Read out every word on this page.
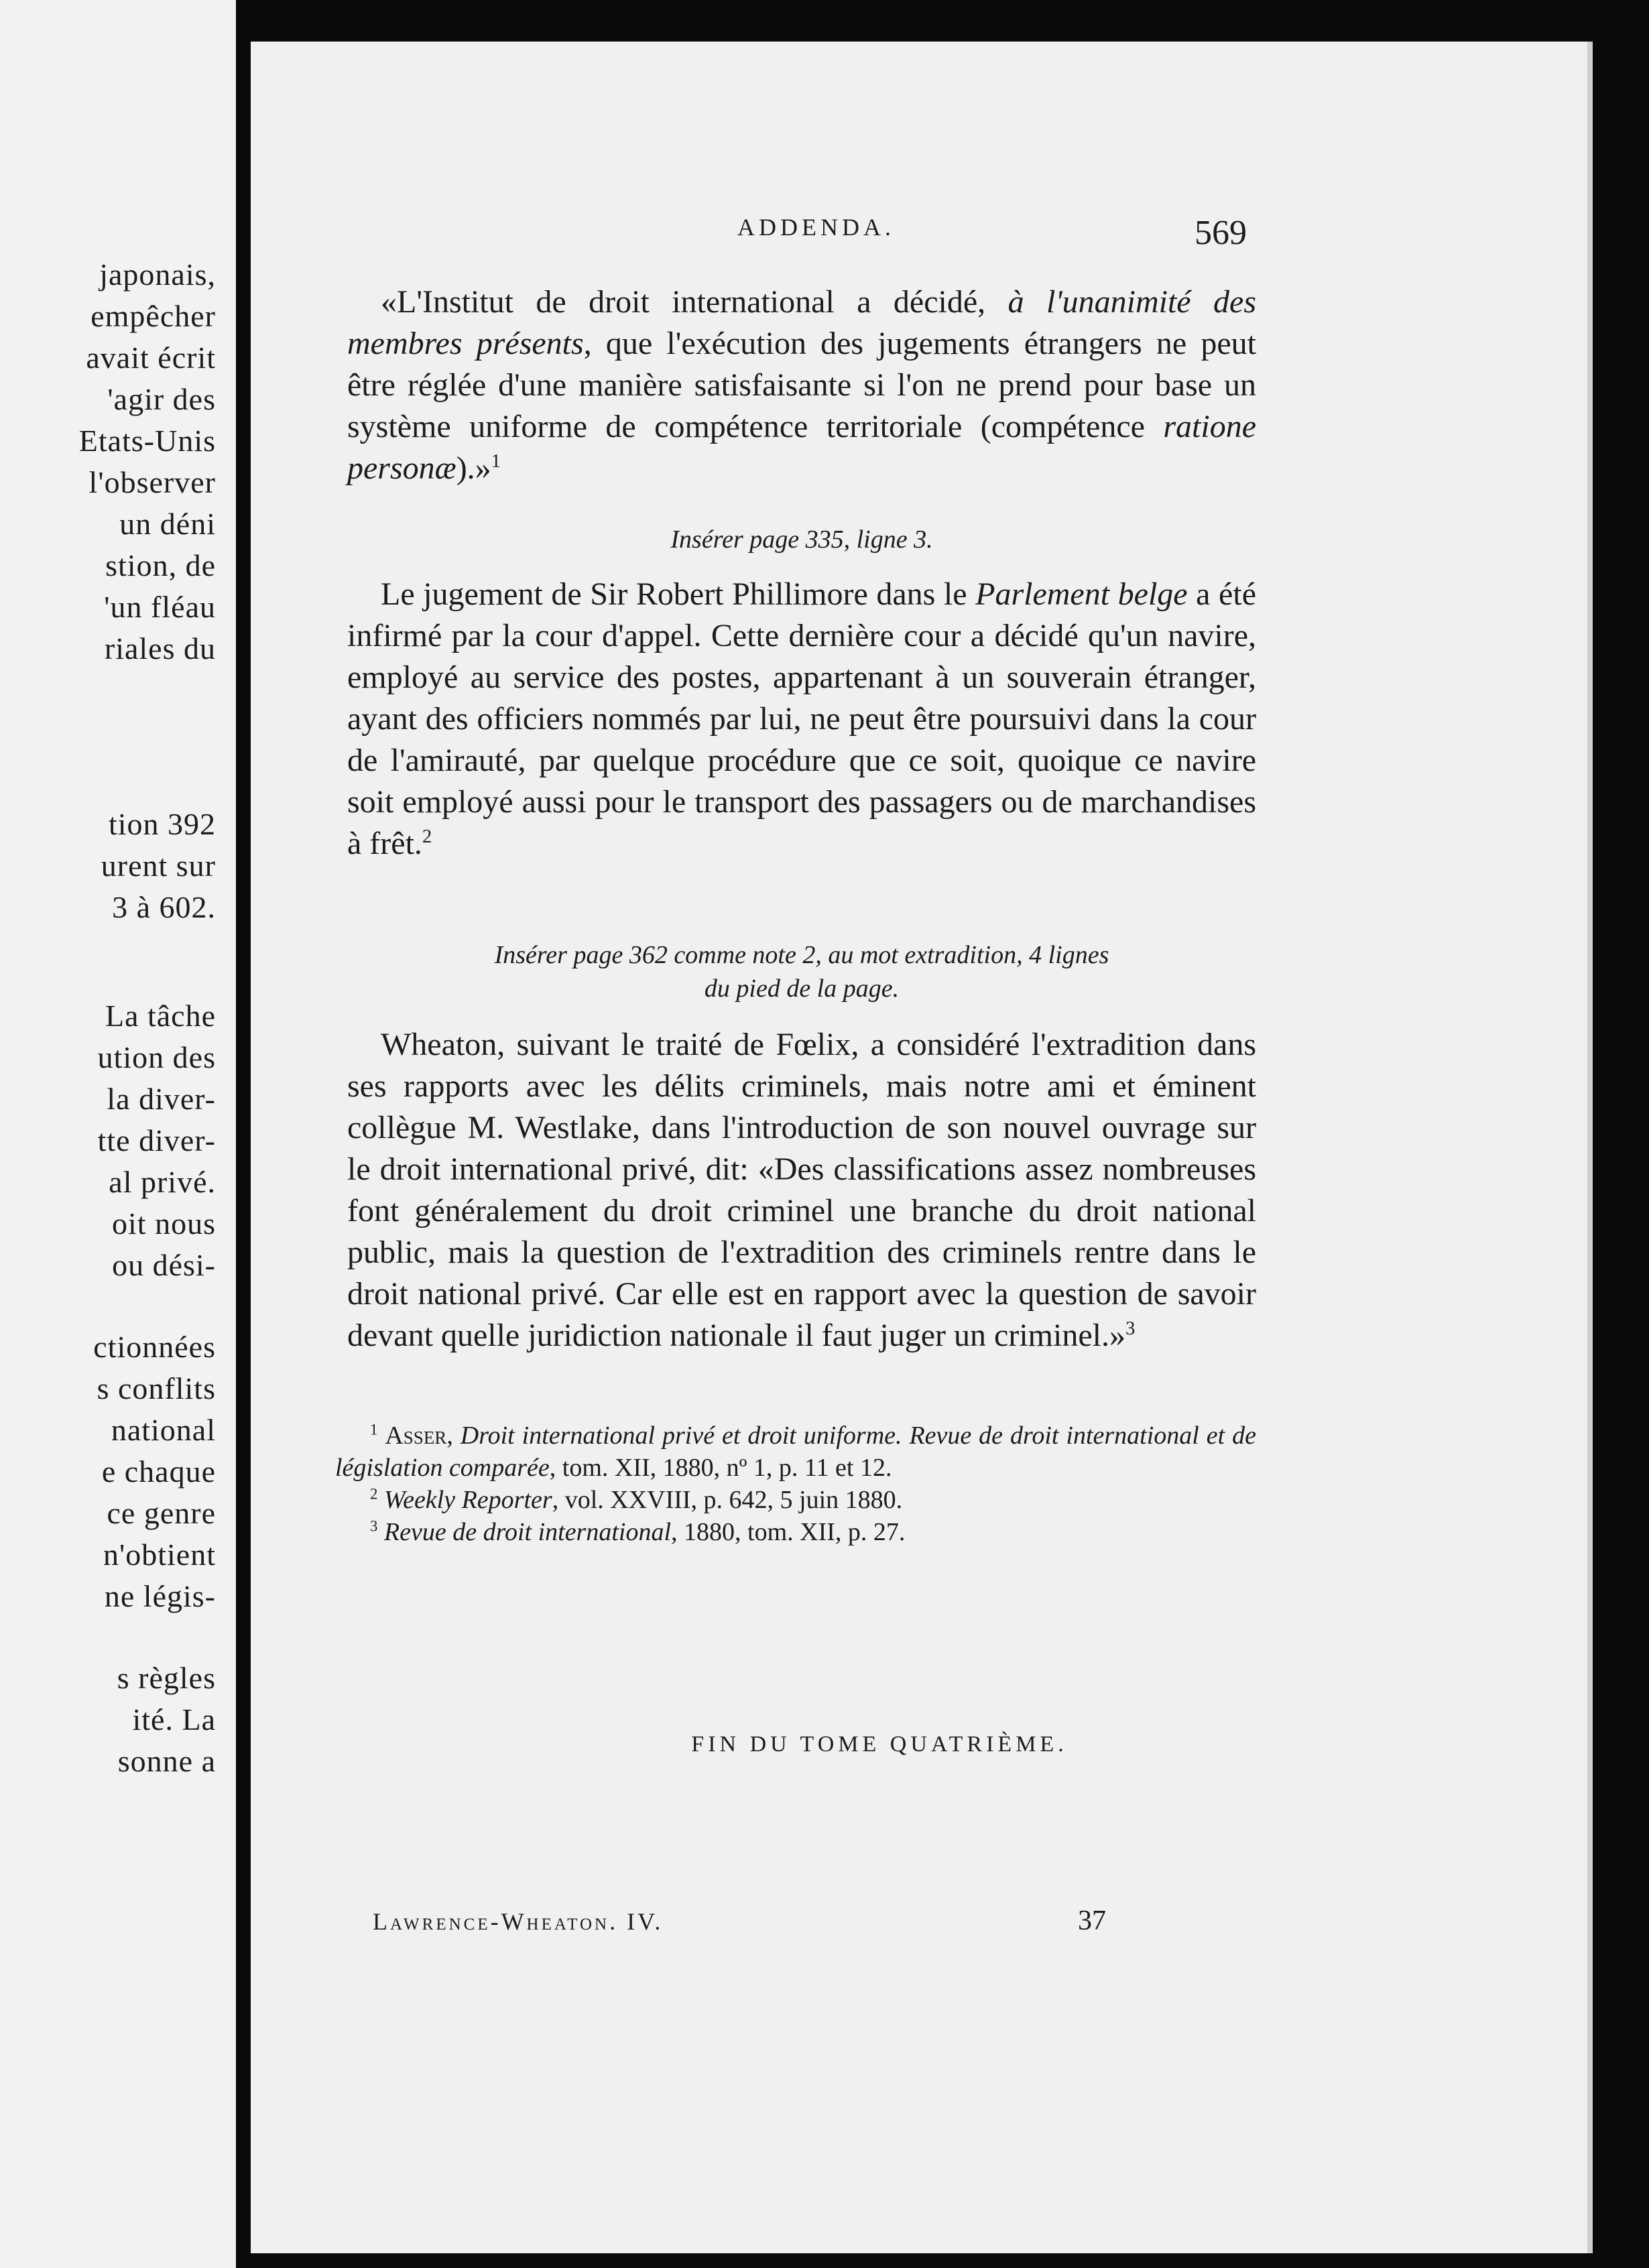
japonais,
empêcher
avait écrit
'agir des
Etats-Unis
l'observer
un déni
stion, de
'un fléau
riales du
tion 392
urent sur
3 à 602.
La tâche
ution des
la diver-
tte diver-
al privé.
oit nous
ou dési-
ctionnées
s conflits
national
e chaque
ce genre
n'obtient
ne légis-
s règles
ité. La
sonne a
ADDENDA.	569

«L'Institut de droit international a décidé, à l'unanimité des membres présents, que l'exécution des jugements étrangers ne peut être réglée d'une manière satisfaisante si l'on ne prend pour base un système uniforme de compétence territoriale (compétence ratione personæ).»$^1$

Insérer page 335, ligne 3.

Le jugement de Sir Robert Phillimore dans le Parlement belge a été infirmé par la cour d'appel. Cette dernière cour a décidé qu'un navire, employé au service des postes, appartenant à un souverain étranger, ayant des officiers nommés par lui, ne peut être poursuivi dans la cour de l'amirauté, par quelque procédure que ce soit, quoique ce navire soit employé aussi pour le transport des passagers ou de marchandises à frêt.$^2$

Insérer page 362 comme note 2, au mot extradition, 4 lignes
du pied de la page.

Wheaton, suivant le traité de Fœlix, a considéré l'extradition dans ses rapports avec les délits criminels, mais notre ami et éminent collègue M. Westlake, dans l'introduction de son nouvel ouvrage sur le droit international privé, dit: «Des classifications assez nombreuses font généralement du droit criminel une branche du droit national public, mais la question de l'extradition des criminels rentre dans le droit national privé. Car elle est en rapport avec la question de savoir devant quelle juridiction nationale il faut juger un criminel.»$^3$

$^1$ Asser, Droit international privé et droit uniforme. Revue de droit international et de législation comparée, tom. XII, 1880, nº 1, p. 11 et 12.

$^2$ Weekly Reporter, vol. XXVIII, p. 642, 5 juin 1880.

$^3$ Revue de droit international, 1880, tom. XII, p. 27.

FIN DU TOME QUATRIÈME.
Lawrence-Wheaton. IV.	37
